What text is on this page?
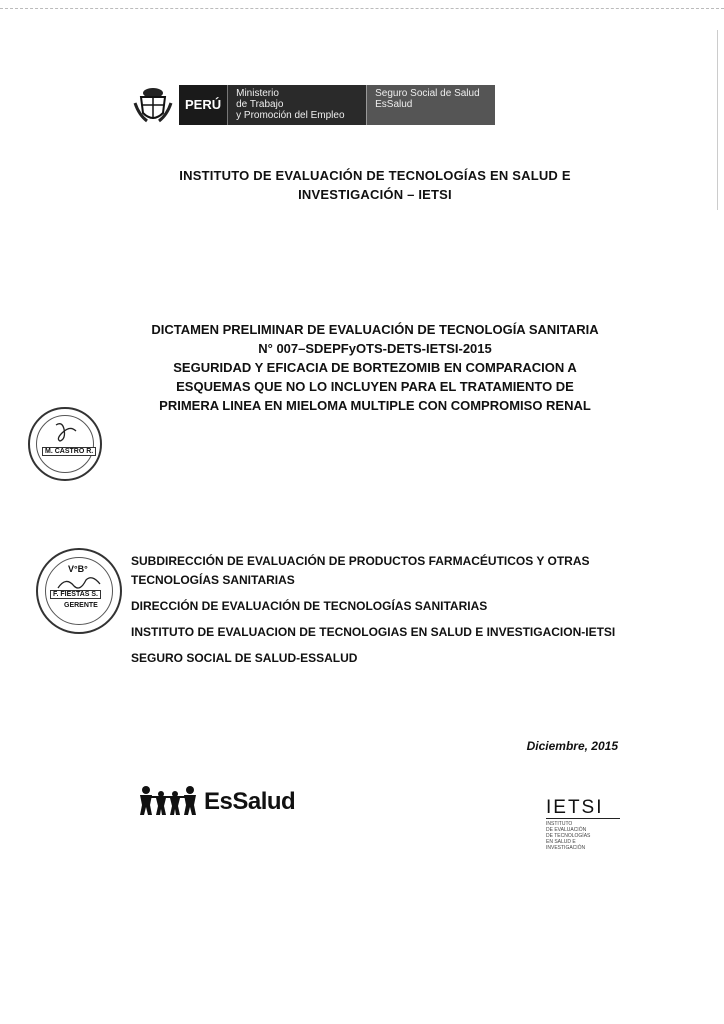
PERÚ
Ministerio
de Trabajo
y Promoción del Empleo
Seguro Social de Salud
EsSalud
INSTITUTO DE EVALUACIÓN DE TECNOLOGÍAS EN SALUD E
INVESTIGACIÓN – IETSI
DICTAMEN PRELIMINAR DE EVALUACIÓN DE TECNOLOGÍA SANITARIA
N° 007–SDEPFyOTS-DETS-IETSI-2015
SEGURIDAD Y EFICACIA DE BORTEZOMIB EN COMPARACION A
ESQUEMAS QUE NO LO INCLUYEN PARA EL TRATAMIENTO DE
PRIMERA LINEA EN MIELOMA MULTIPLE CON COMPROMISO RENAL
M. CASTRO R.
V°B°
F. FIESTAS S.
GERENTE

SUBDIRECCIÓN DE EVALUACIÓN DE PRODUCTOS FARMACÉUTICOS Y OTRAS TECNOLOGÍAS SANITARIAS

DIRECCIÓN DE EVALUACIÓN DE TECNOLOGÍAS SANITARIAS

INSTITUTO DE EVALUACION DE TECNOLOGIAS EN SALUD E INVESTIGACION-IETSI

SEGURO SOCIAL DE SALUD-ESSALUD

Diciembre, 2015
EsSalud	IETSI
INSTITUTO
DE EVALUACIÓN
DE TECNOLOGÍAS
EN SALUD E
INVESTIGACIÓN
